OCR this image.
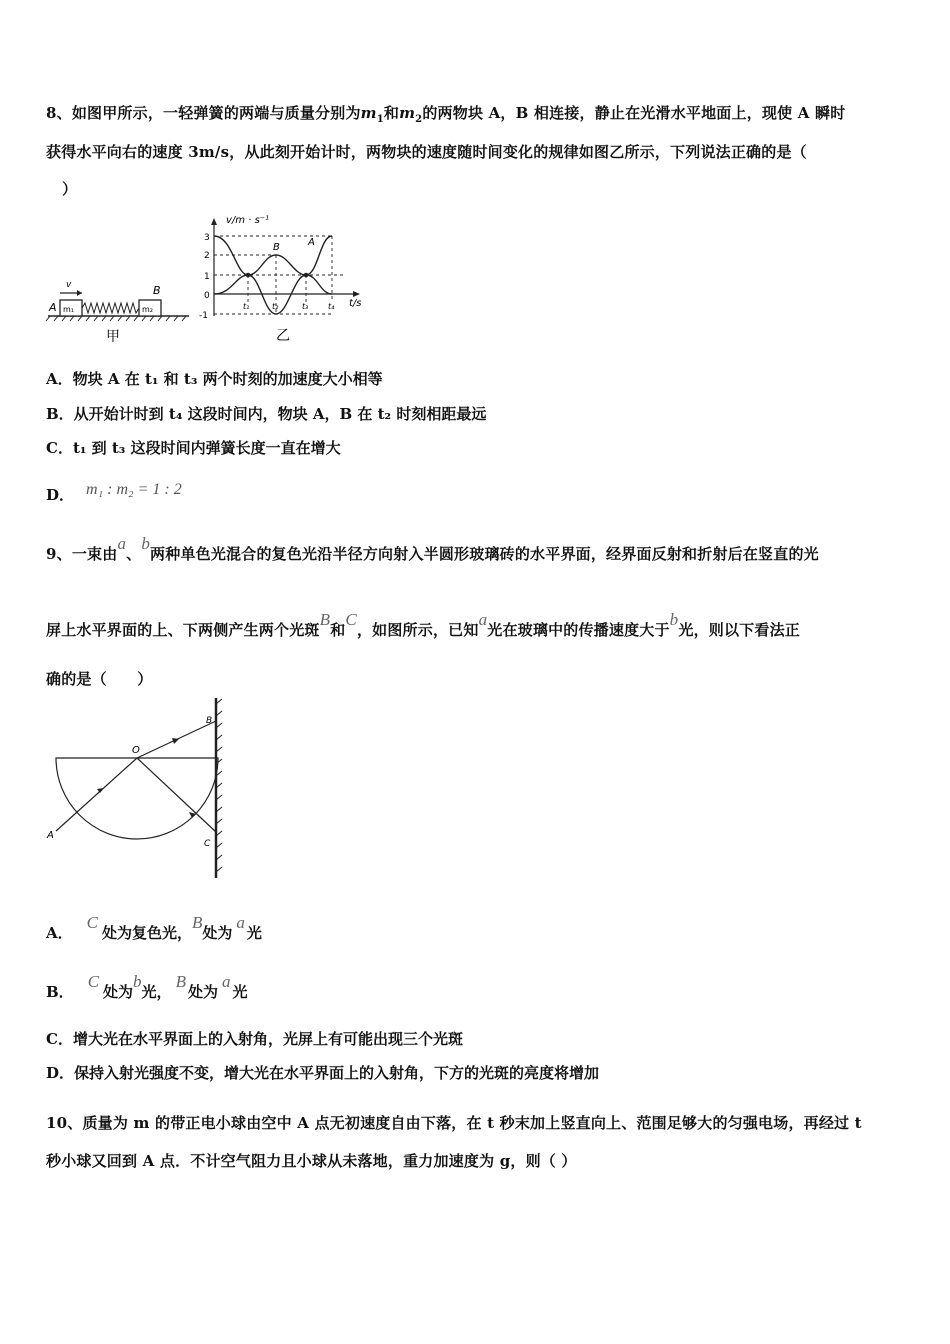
8、如图甲所示，一轻弹簧的两端与质量分别为$m_1$和$m_2$的两物块 A，B 相连接，静止在光滑水平地面上，现使 A 瞬时
获得水平向右的速度 3m/s，从此刻开始计时，两物块的速度随时间变化的规律如图乙所示，下列说法正确的是（
）
m₁	m₂
v
A
B
甲
v/m · s⁻¹
t/s
3
2
1
0
-1
t₁	t₂	t₃ t₄
B	A
乙
A．物块 A 在 t₁ 和 t₃ 两个时刻的加速度大小相等
B．从开始计时到 t₄ 这段时间内，物块 A，B 在 t₂ 时刻相距最远
C．t₁ 到 t₃ 这段时间内弹簧长度一直在增大
D． m₁ : m₂ = 1 : 2
9、一束由a、b两种单色光混合的复色光沿半径方向射入半圆形玻璃砖的水平界面，经界面反射和折射后在竖直的光
屏上水平界面的上、下两侧产生两个光斑B和C，如图所示，已知a光在玻璃中的传播速度大于b光，则以下看法正
确的是（　　）
O
A
B
C
A．C处为复色光，B处为a光
B．C处为b光，B处为a光
C．增大光在水平界面上的入射角，光屏上有可能出现三个光斑
D．保持入射光强度不变，增大光在水平界面上的入射角，下方的光斑的亮度将增加
10、质量为 m 的带正电小球由空中 A 点无初速度自由下落，在 t 秒末加上竖直向上、范围足够大的匀强电场，再经过 t
秒小球又回到 A 点．不计空气阻力且小球从未落地，重力加速度为 g，则（ ）
